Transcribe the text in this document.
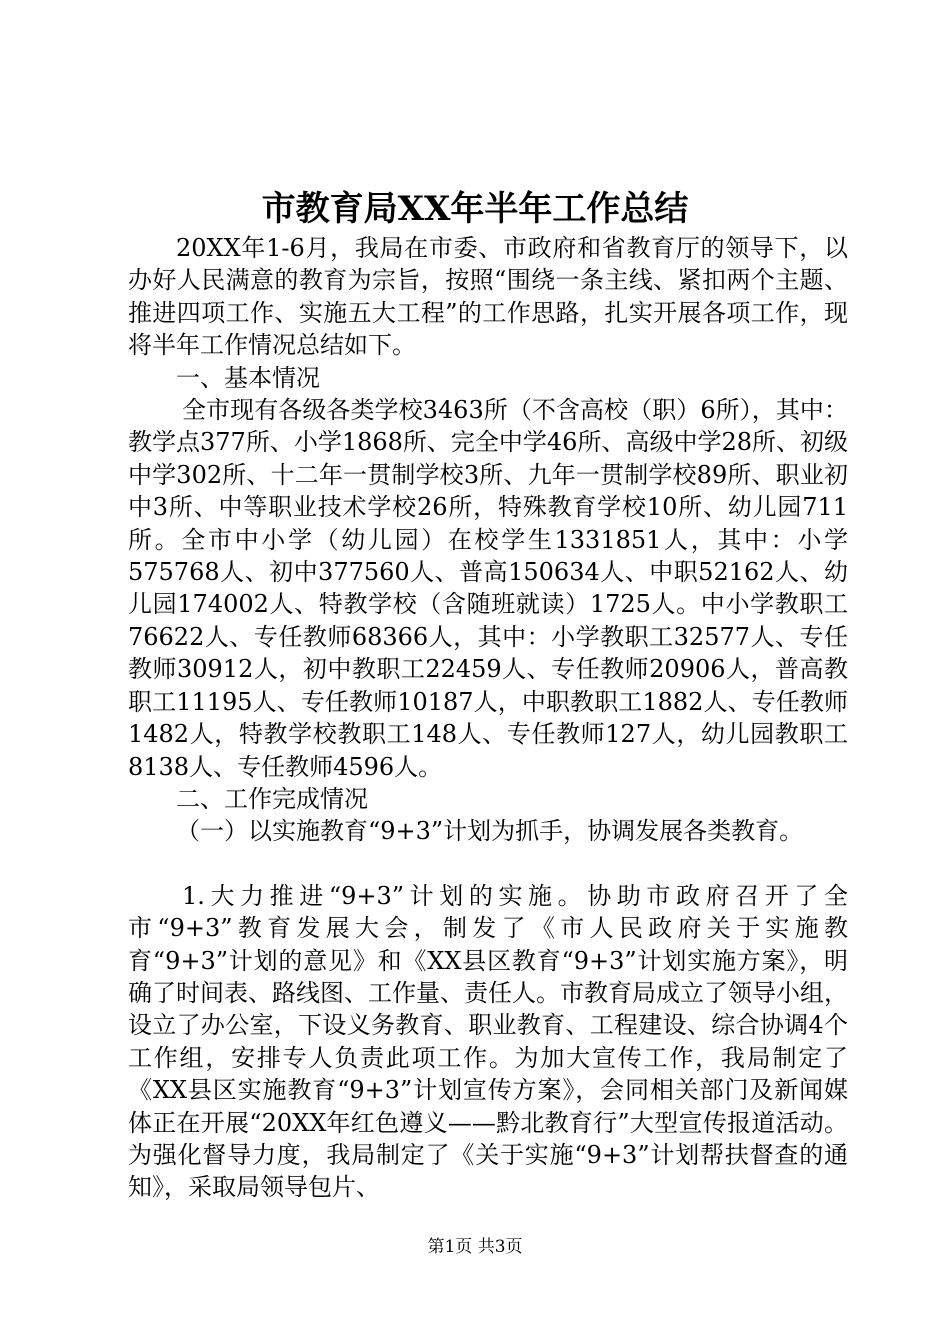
市教育局XX年半年工作总结

20XX年1-6月，我局在市委、市政府和省教育厅的领导下，以办好人民满意的教育为宗旨，按照“围绕一条主线、紧扣两个主题、推进四项工作、实施五大工程”的工作思路，扎实开展各项工作，现将半年工作情况总结如下。

一、基本情况

全市现有各级各类学校3463所（不含高校（职）6所），其中：教学点377所、小学1868所、完全中学46所、高级中学28所、初级中学302所、十二年一贯制学校3所、九年一贯制学校89所、职业初中3所、中等职业技术学校26所，特殊教育学校10所、幼儿园711所。全市中小学（幼儿园）在校学生1331851人，其中：小学575768人、初中377560人、普高150634人、中职52162人、幼儿园174002人、特教学校（含随班就读）1725人。中小学教职工76622人、专任教师68366人，其中：小学教职工32577人、专任教师30912人，初中教职工22459人、专任教师20906人，普高教职工11195人、专任教师10187人，中职教职工1882人、专任教师1482人，特教学校教职工148人、专任教师127人，幼儿园教职工8138人、专任教师4596人。

二、工作完成情况

（一）以实施教育“9+3”计划为抓手，协调发展各类教育。

1.大力推进“9+3”计划的实施。协助市政府召开了全市“9+3”教育发展大会，制发了《市人民政府关于实施教育“9+3”计划的意见》和《XX县区教育“9+3”计划实施方案》，明确了时间表、路线图、工作量、责任人。市教育局成立了领导小组，设立了办公室，下设义务教育、职业教育、工程建设、综合协调4个工作组，安排专人负责此项工作。为加大宣传工作，我局制定了《XX县区实施教育“9+3”计划宣传方案》，会同相关部门及新闻媒体正在开展“20XX年红色遵义——黔北教育行”大型宣传报道活动。为强化督导力度，我局制定了《关于实施“9+3”计划帮扶督查的通知》，采取局领导包片、

第1页 共3页
